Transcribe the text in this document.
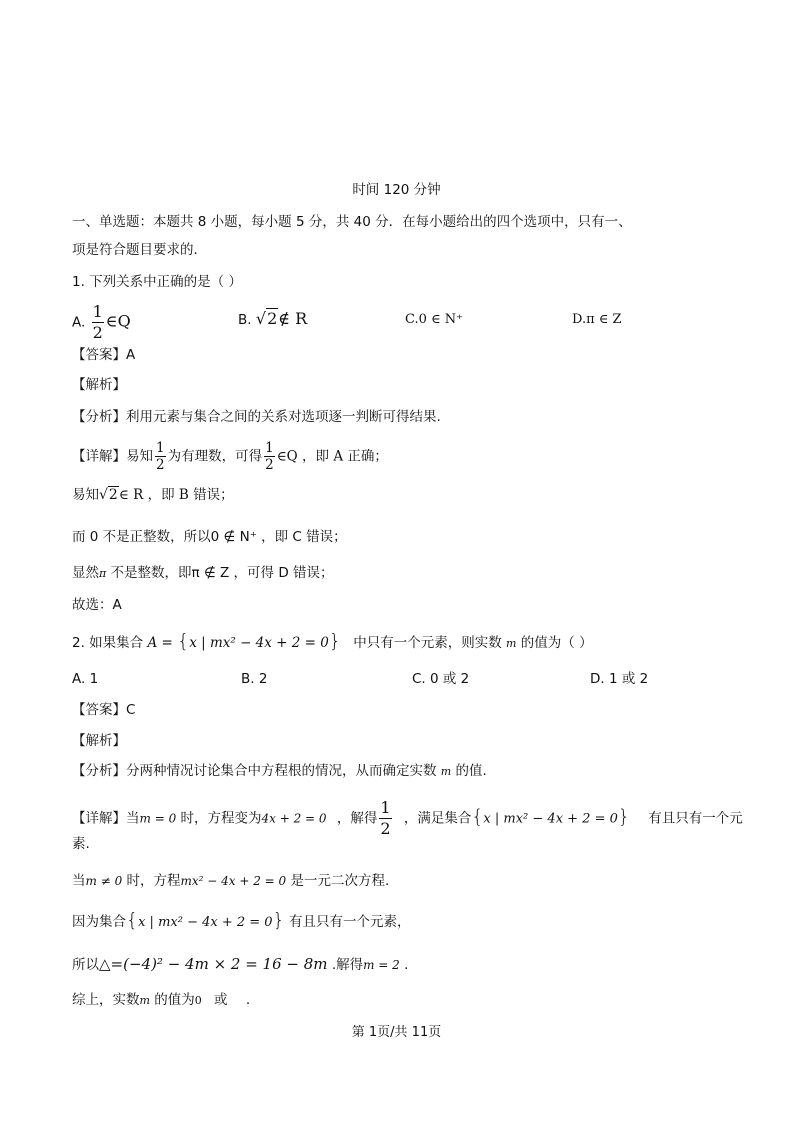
时间 120 分钟
一、单选题：本题共 8 小题，每小题 5 分，共 40 分．在每小题给出的四个选项中，只有一、
项是符合题目要求的．
1. 下列关系中正确的是（ ）
A. $\frac{1}{2}$ ∈Q	B. √2∉ R	C.0 ∈ N⁺	D.π ∈ Z
【答案】A
【解析】
【分析】利用元素与集合之间的关系对选项逐一判断可得结果.
【详解】易知 $\frac{1}{2}$ 为有理数，可得 $\frac{1}{2}$ ∈Q ，即 A 正确；
易知√2∈ R ，即 B 错误；
而 0 不是正整数，所以0 ∉ N⁺ ，即 C 错误；
显然π 不是整数，即π ∉ Z ，可得 D 错误；
故选：A
2. 如果集合 A = {x | mx² − 4x + 2 = 0} 中只有一个元素，则实数 m 的值为（ ）
A. 1	B. 2	C. 0 或 2	D. 1 或 2
【答案】C
【解析】
【分析】分两种情况讨论集合中方程根的情况，从而确定实数 m 的值.
【详解】当m = 0 时，方程变为4x + 2 = 0 ，解得 $\frac{1}{2}$ ，满足集合{x | mx² − 4x + 2 = 0} 有且只有一个元
素.
当m ≠ 0 时，方程mx² − 4x + 2 = 0 是一元二次方程.
因为集合{x | mx² − 4x + 2 = 0} 有且只有一个元素，
所以△=(−4)² − 4m × 2 = 16 − 8m .解得m = 2 .
综上，实数m 的值为0 或 .
第 1页/共 11页
